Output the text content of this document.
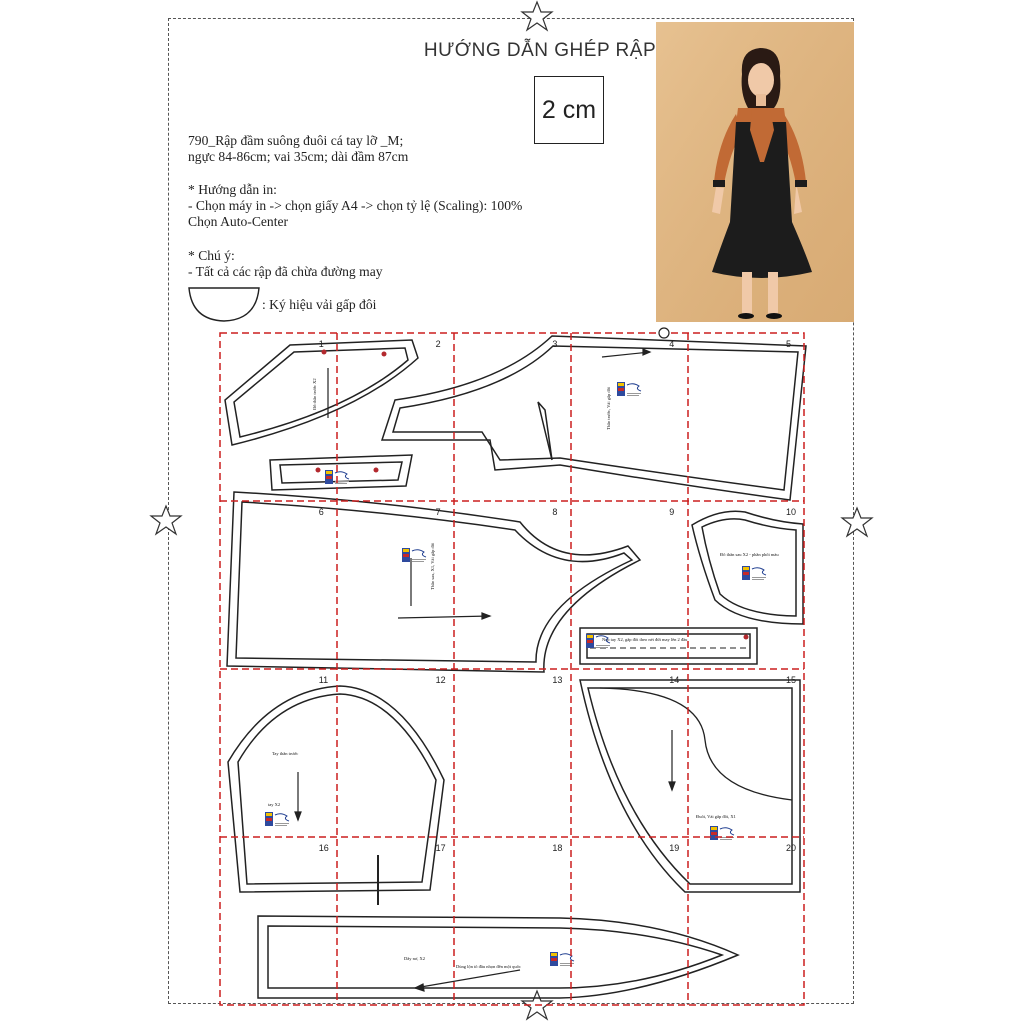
HƯỚNG DẪN GHÉP RẬP
2 cm
790_Rập đầm suông đuôi cá tay lỡ _M;
ngực 84-86cm; vai 35cm; dài đầm 87cm
* Hướng dẫn in:
- Chọn máy in -> chọn giấy A4 -> chọn tỷ lệ (Scaling): 100%
Chọn Auto-Center
* Chú ý:
- Tất cả các rập đã chừa đường may
: Ký hiệu vải gấp đôi
Đô thân trước X2	Thân trước, Vải gấp đôi
Thân sau, X1, Vải gấp đôi	Đô thân sau X2 - phần phối màu
Nẹp tay X2, gấp đôi theo nét đứt may lên 2 đầu
Tay thân trước
tay X2
Đuôi, Vải gấp đôi, X1
Dây nơ, X2
Dùng lộn tô đầu nhọn đến một quốc
1	2	3	4	5
6	7	8	9	10
11	12	13	14	15
16	17	18	19	20
